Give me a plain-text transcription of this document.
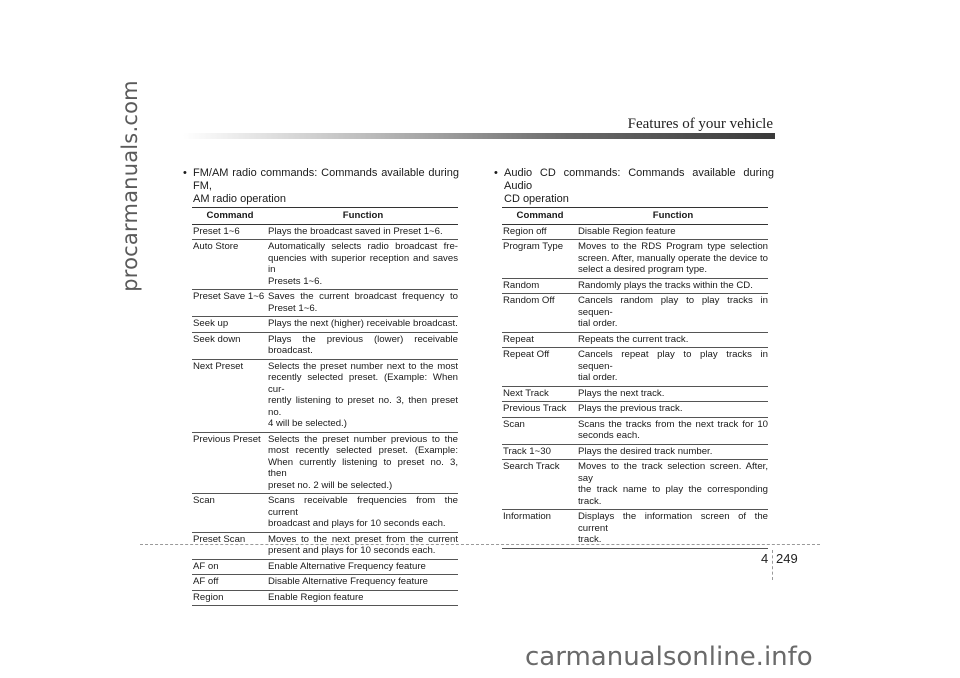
procarmanuals.com	Features of your vehicle
• FM/AM radio commands: Commands available during FM,
AM radio operation
Command	Function
Preset 1~6	Plays the broadcast saved in Preset 1~6.

Auto Store	Automatically selects radio broadcast fre-
quencies with superior reception and saves in
Presets 1~6.

Preset Save 1~6	Saves the current broadcast frequency to
Preset 1~6.

Seek up	Plays the next (higher) receivable broadcast.

Seek down	Plays the previous (lower) receivable broadcast.

Next Preset	Selects the preset number next to the most
recently selected preset. (Example: When cur-
rently listening to preset no. 3, then preset no.
4 will be selected.)

Previous Preset	Selects the preset number previous to the
most recently selected preset. (Example:
When currently listening to preset no. 3, then
preset no. 2 will be selected.)

Scan	Scans receivable frequencies from the current
broadcast and plays for 10 seconds each.

Preset Scan	Moves to the next preset from the current
present and plays for 10 seconds each.

AF on	Enable Alternative Frequency feature

AF off	Disable Alternative Frequency feature

Region	Enable Region feature
• Audio CD commands: Commands available during Audio
CD operation
Command	Function
Region off	Disable Region feature

Program Type	Moves to the RDS Program type selection
screen. After, manually operate the device to
select a desired program type.

Random	Randomly plays the tracks within the CD.

Random Off	Cancels random play to play tracks in sequen-
tial order.

Repeat	Repeats the current track.

Repeat Off	Cancels repeat play to play tracks in sequen-
tial order.

Next Track	Plays the next track.

Previous Track	Plays the previous track.

Scan	Scans the tracks from the next track for 10
seconds each.

Track 1~30	Plays the desired track number.

Search Track	Moves to the track selection screen. After, say
the track name to play the corresponding track.

Information	Displays the information screen of the current
track.
4 249
carmanualsonline.info
